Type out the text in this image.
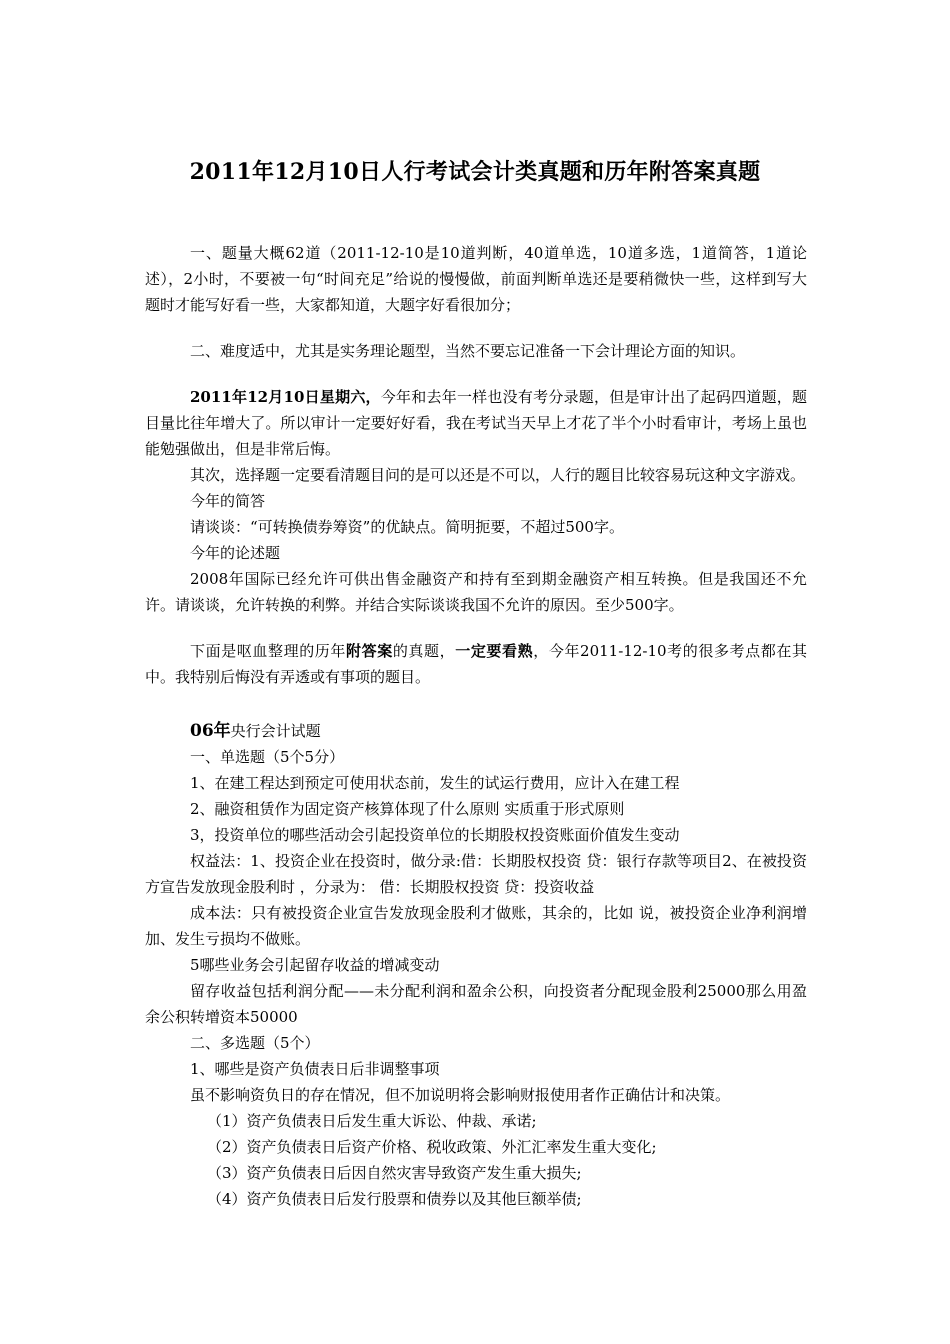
2011年12月10日人行考试会计类真题和历年附答案真题

一、题量大概62道（2011-12-10是10道判断，40道单选，10道多选，1道简答，1道论述），2小时，不要被一句“时间充足”给说的慢慢做，前面判断单选还是要稍微快一些，这样到写大题时才能写好看一些，大家都知道，大题字好看很加分；

二、难度适中，尤其是实务理论题型，当然不要忘记准备一下会计理论方面的知识。

2011年12月10日星期六，今年和去年一样也没有考分录题，但是审计出了起码四道题，题目量比往年增大了。所以审计一定要好好看，我在考试当天早上才花了半个小时看审计，考场上虽也能勉强做出，但是非常后悔。

其次，选择题一定要看清题目问的是可以还是不可以，人行的题目比较容易玩这种文字游戏。

今年的简答

请谈谈：“可转换债券筹资”的优缺点。简明扼要，不超过500字。

今年的论述题

2008年国际已经允许可供出售金融资产和持有至到期金融资产相互转换。但是我国还不允许。请谈谈，允许转换的利弊。并结合实际谈谈我国不允许的原因。至少500字。

下面是呕血整理的历年附答案的真题，一定要看熟，今年2011-12-10考的很多考点都在其中。我特别后悔没有弄透或有事项的题目。

06年央行会计试题

一、单选题（5个5分）

1、在建工程达到预定可使用状态前，发生的试运行费用，应计入在建工程

2、融资租赁作为固定资产核算体现了什么原则 实质重于形式原则

3，投资单位的哪些活动会引起投资单位的长期股权投资账面价值发生变动

权益法：1、投资企业在投资时，做分录:借：长期股权投资 贷：银行存款等项目2、在被投资方宣告发放现金股利时 ，分录为： 借：长期股权投资 贷：投资收益

成本法：只有被投资企业宣告发放现金股利才做账，其余的，比如 说，被投资企业净利润增加、发生亏损均不做账。

5哪些业务会引起留存收益的增减变动

留存收益包括利润分配——未分配利润和盈余公积，向投资者分配现金股利25000那么用盈余公积转增资本50000

二、多选题（5个）

1、哪些是资产负债表日后非调整事项

虽不影响资负日的存在情况，但不加说明将会影响财报使用者作正确估计和决策。

（1）资产负债表日后发生重大诉讼、仲裁、承诺;

（2）资产负债表日后资产价格、税收政策、外汇汇率发生重大变化;

（3）资产负债表日后因自然灾害导致资产发生重大损失;

（4）资产负债表日后发行股票和债券以及其他巨额举债;
